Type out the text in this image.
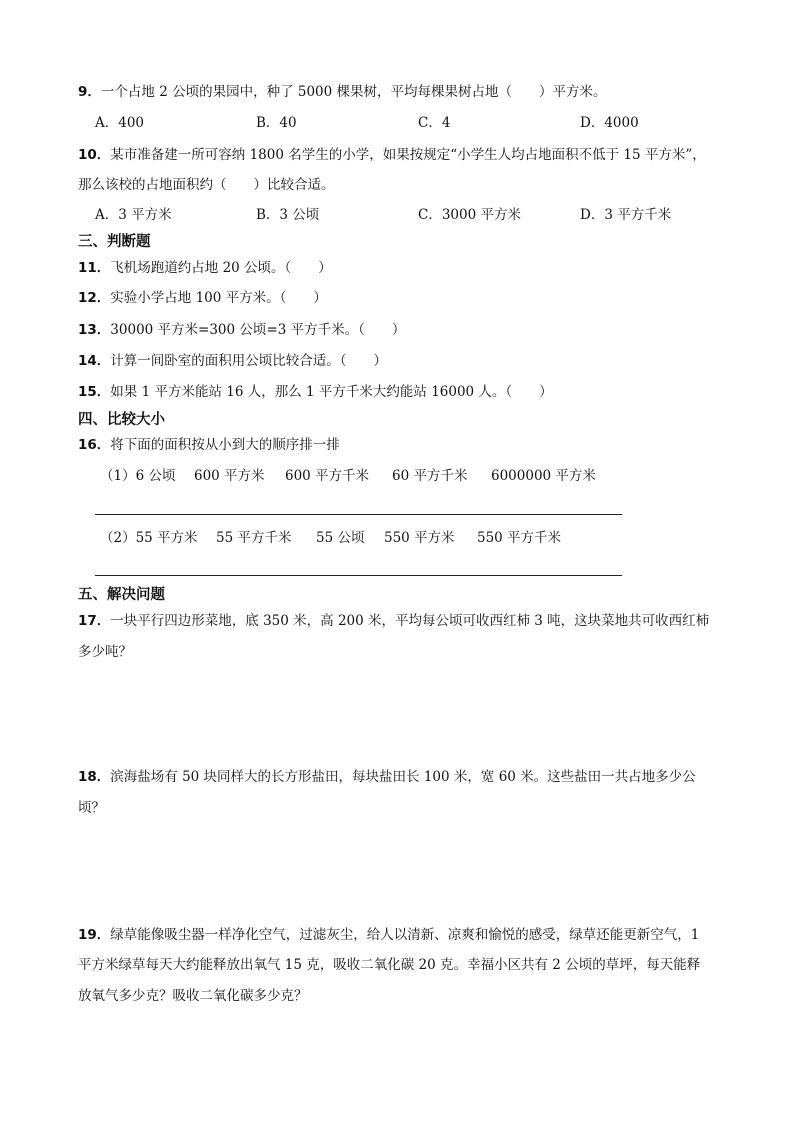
9．一个占地 2 公顷的果园中，种了 5000 棵果树，平均每棵果树占地（　　）平方米。
A．400	B．40	C．4	D．4000
10．某市准备建一所可容纳 1800 名学生的小学，如果按规定“小学生人均占地面积不低于 15 平方米”，
那么该校的占地面积约（　　）比较合适。
A．3 平方米	B．3 公顷	C．3000 平方米	D．3 平方千米
三、判断题
11．飞机场跑道约占地 20 公顷。（　　）
12．实验小学占地 100 平方米。（　　）
13．30000 平方米=300 公顷=3 平方千米。（　　）
14．计算一间卧室的面积用公顷比较合适。（　　）
15．如果 1 平方米能站 16 人，那么 1 平方千米大约能站 16000 人。（　　）
四、比较大小
16．将下面的面积按从小到大的顺序排一排
（1）6 公顷 600 平方米 600 平方千米 60 平方千米 6000000 平方米
（2）55 平方米 55 平方千米 55 公顷 550 平方米 550 平方千米
五、解决问题
17．一块平行四边形菜地，底 350 米，高 200 米，平均每公顷可收西红柿 3 吨，这块菜地共可收西红柿
多少吨？
18．滨海盐场有 50 块同样大的长方形盐田，每块盐田长 100 米，宽 60 米。这些盐田一共占地多少公
顷？
19．绿草能像吸尘器一样净化空气，过滤灰尘，给人以清新、凉爽和愉悦的感受，绿草还能更新空气，1
平方米绿草每天大约能释放出氧气 15 克，吸收二氧化碳 20 克。幸福小区共有 2 公顷的草坪，每天能释
放氧气多少克？吸收二氧化碳多少克？
